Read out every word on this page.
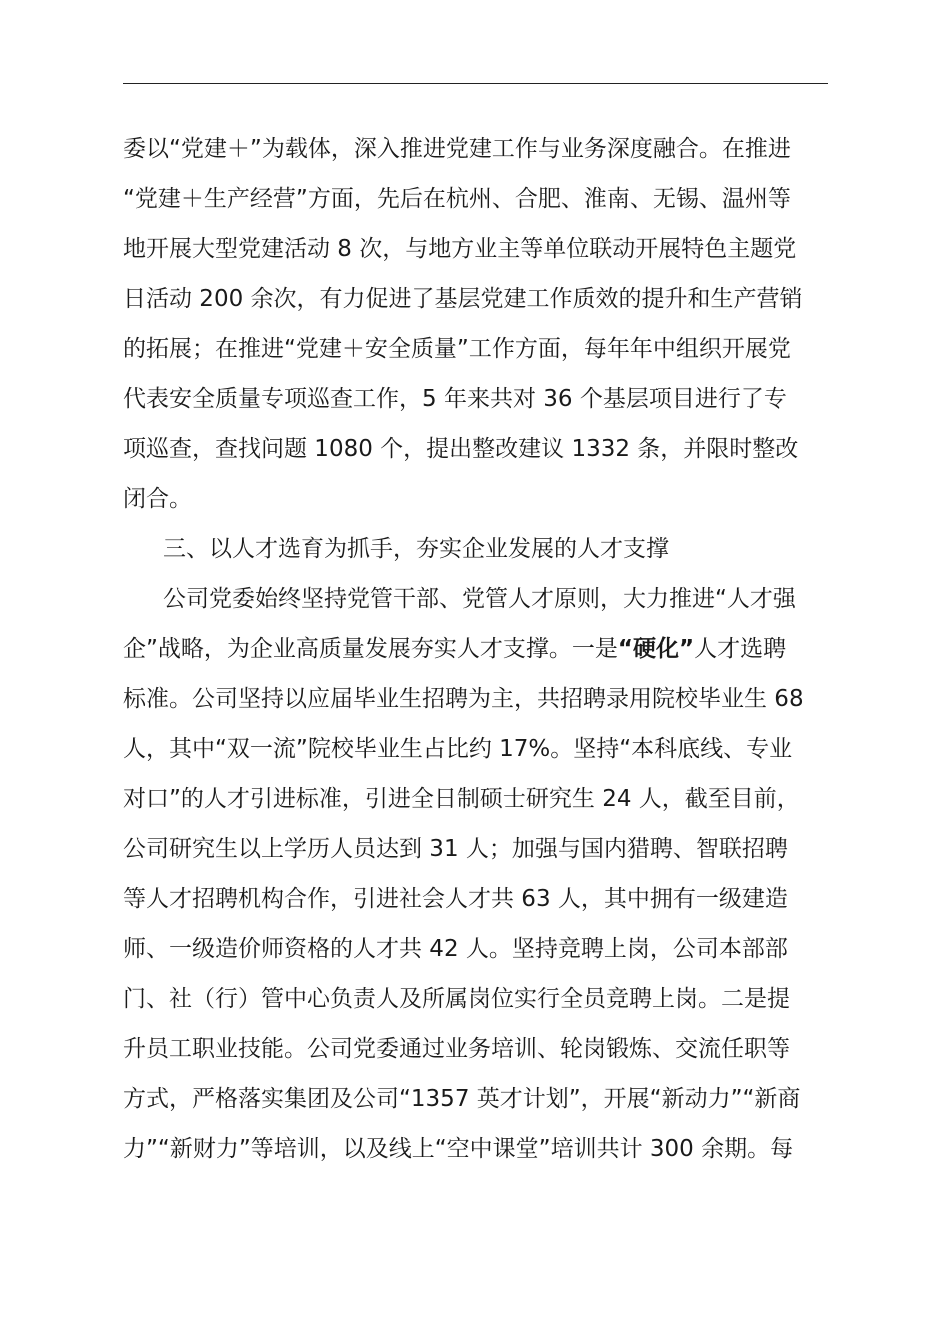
委以“党建＋”为载体，深入推进党建工作与业务深度融合。在推进
“党建＋生产经营”方面，先后在杭州、合肥、淮南、无锡、温州等
地开展大型党建活动 8 次，与地方业主等单位联动开展特色主题党
日活动 200 余次，有力促进了基层党建工作质效的提升和生产营销
的拓展；在推进“党建＋安全质量”工作方面，每年年中组织开展党
代表安全质量专项巡查工作，5 年来共对 36 个基层项目进行了专
项巡查，查找问题 1080 个，提出整改建议 1332 条，并限时整改
闭合。
三、以人才选育为抓手，夯实企业发展的人才支撑
公司党委始终坚持党管干部、党管人才原则，大力推进“人才强
企”战略，为企业高质量发展夯实人才支撑。一是“硬化”人才选聘
标准。公司坚持以应届毕业生招聘为主，共招聘录用院校毕业生 68
人，其中“双一流”院校毕业生占比约 17%。坚持“本科底线、专业
对口”的人才引进标准，引进全日制硕士研究生 24 人，截至目前，
公司研究生以上学历人员达到 31 人；加强与国内猎聘、智联招聘
等人才招聘机构合作，引进社会人才共 63 人，其中拥有一级建造
师、一级造价师资格的人才共 42 人。坚持竞聘上岗，公司本部部
门、社（行）管中心负责人及所属岗位实行全员竞聘上岗。二是提
升员工职业技能。公司党委通过业务培训、轮岗锻炼、交流任职等
方式，严格落实集团及公司“1357 英才计划”，开展“新动力”“新商
力”“新财力”等培训，以及线上“空中课堂”培训共计 300 余期。每
